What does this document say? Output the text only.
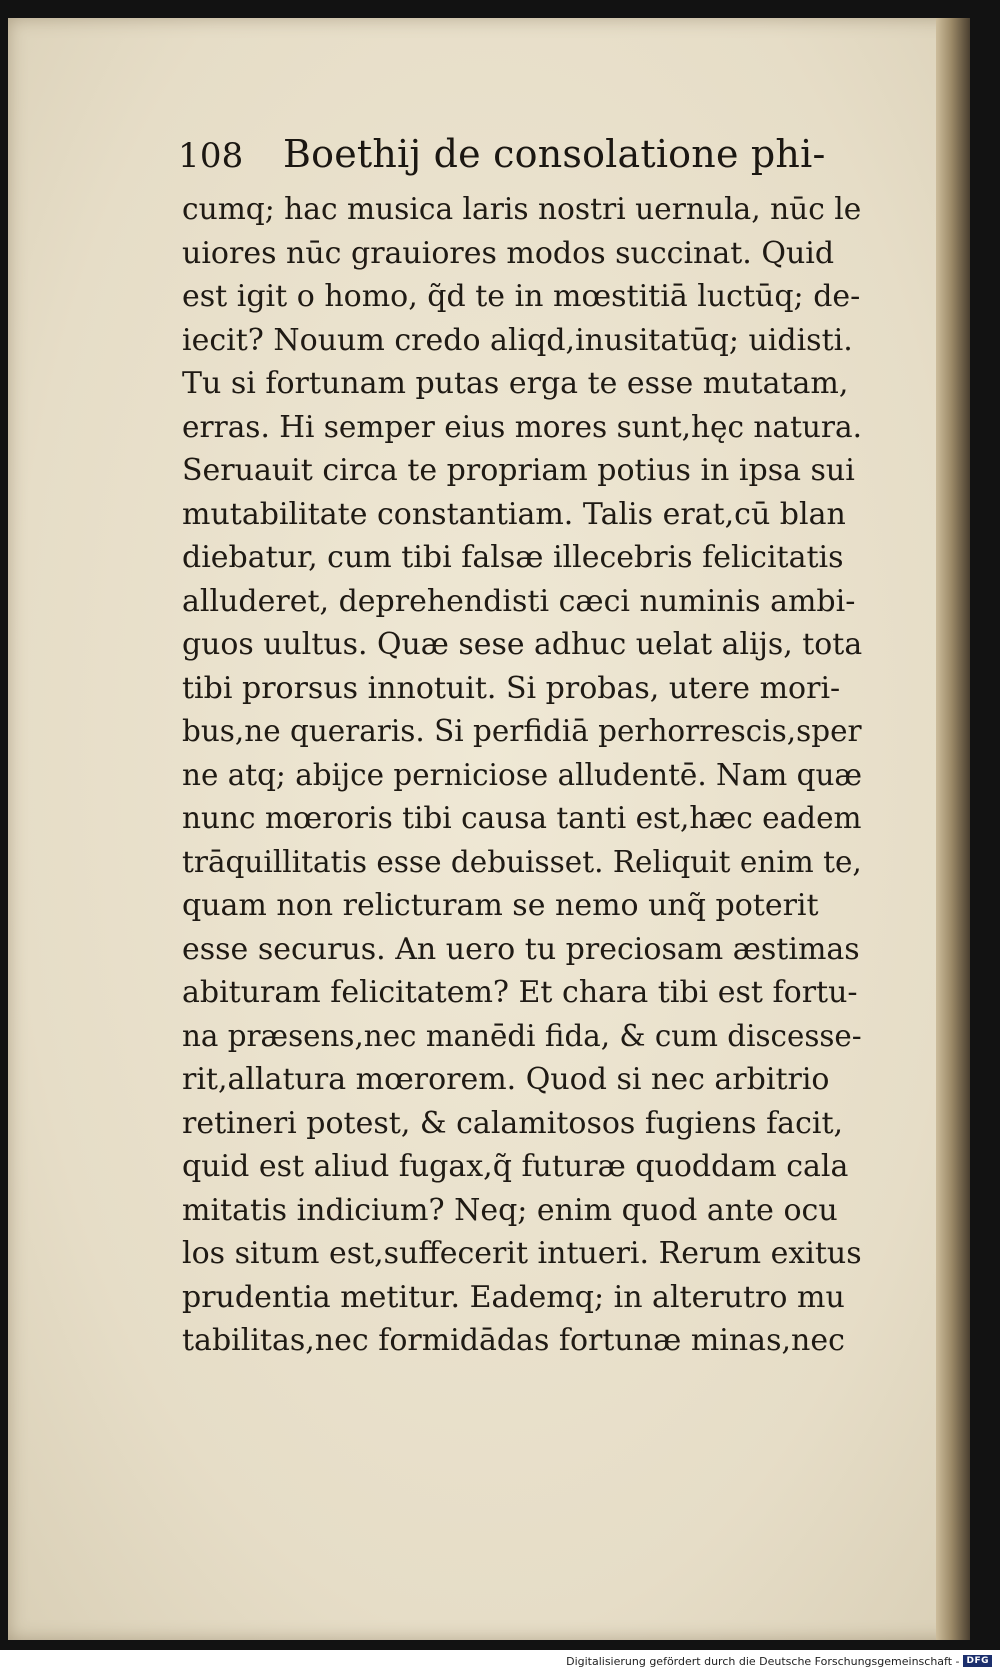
108 Boethij de consolatione phi-
cumq; hac musica laris nostri uernula, nūc le
uiores nūc grauiores modos succinat. Quid
est igit o homo, q̃d te in mœstitiā luctūq; de-
iecit? Nouum credo aliqd,inusitatūq; uidisti.
Tu si fortunam putas erga te esse mutatam,
erras. Hi semper eius mores sunt,hęc natura.
Seruauit circa te propriam potius in ipsa sui
mutabilitate constantiam. Talis erat,cū blan
diebatur, cum tibi falsæ illecebris felicitatis
alluderet, deprehendisti cæci numinis ambi-
guos uultus. Quæ sese adhuc uelat alijs, tota
tibi prorsus innotuit. Si probas, utere mori-
bus,ne queraris. Si perfidiā perhorrescis,sper
ne atq; abijce perniciose alludentē. Nam quæ
nunc mœroris tibi causa tanti est,hæc eadem
trāquillitatis esse debuisset. Reliquit enim te,
quam non relicturam se nemo unq̃ poterit
esse securus. An uero tu preciosam æstimas
abituram felicitatem? Et chara tibi est fortu-
na præsens,nec manēdi fida, & cum discesse-
rit,allatura mœrorem. Quod si nec arbitrio
retineri potest, & calamitosos fugiens facit,
quid est aliud fugax,q̃ futuræ quoddam cala
mitatis indicium? Neq; enim quod ante ocu
los situm est,suffecerit intueri. Rerum exitus
prudentia metitur. Eademq; in alterutro mu
tabilitas,nec formidādas fortunæ minas,nec
Digitalisierung gefördert durch die Deutsche Forschungsgemeinschaft - DFG
